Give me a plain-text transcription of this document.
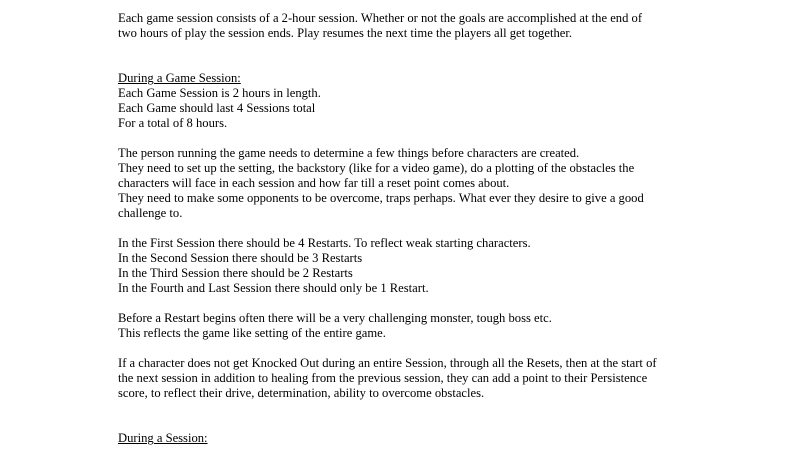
Each game session consists of a 2-hour session. Whether or not the goals are accomplished at the end of
two hours of play the session ends. Play resumes the next time the players all get together.
During a Game Session:
Each Game Session is 2 hours in length.
Each Game should last 4 Sessions total
For a total of 8 hours.
The person running the game needs to determine a few things before characters are created.
They need to set up the setting, the backstory (like for a video game), do a plotting of the obstacles the
characters will face in each session and how far till a reset point comes about.
They need to make some opponents to be overcome, traps perhaps. What ever they desire to give a good
challenge to.
In the First Session there should be 4 Restarts. To reflect weak starting characters.
In the Second Session there should be 3 Restarts
In the Third Session there should be 2 Restarts
In the Fourth and Last Session there should only be 1 Restart.
Before a Restart begins often there will be a very challenging monster, tough boss etc.
This reflects the game like setting of the entire game.
If a character does not get Knocked Out during an entire Session, through all the Resets, then at the start of
the next session in addition to healing from the previous session, they can add a point to their Persistence
score, to reflect their drive, determination, ability to overcome obstacles.
During a Session:
